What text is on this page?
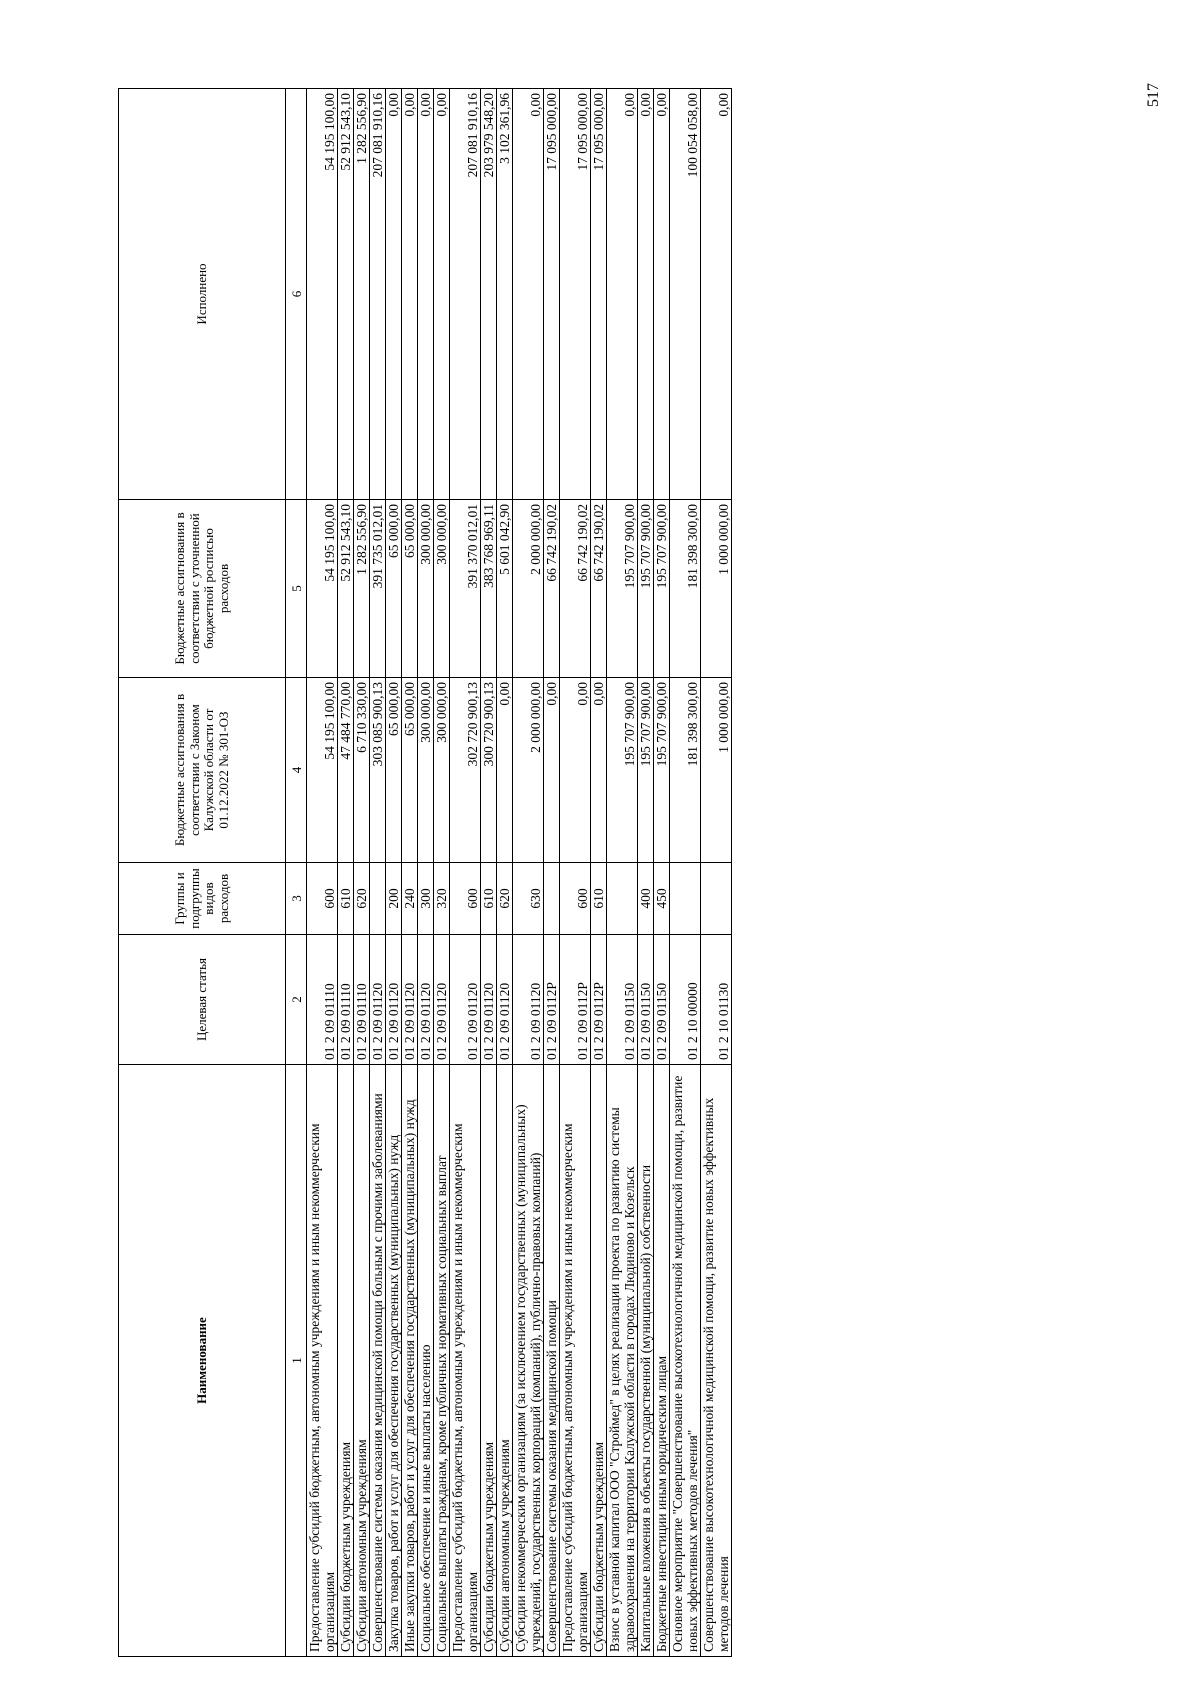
Наименование	Целевая статья	Группы и подгруппы видов расходов	Бюджетные ассигнования в соответствии с Законом Калужской области от 01.12.2022 № 301-ОЗ	Бюджетные ассигнования в соответствии с уточненной бюджетной росписью расходов	Исполнено
1	2	3	4	5	6
Предоставление субсидий бюджетным, автономным учреждениям и иным некоммерческим организациям	01 2 09 01110	600	54 195 100,00	54 195 100,00	54 195 100,00
Субсидии бюджетным учреждениям	01 2 09 01110	610	47 484 770,00	52 912 543,10	52 912 543,10
Субсидии автономным учреждениям	01 2 09 01110	620	6 710 330,00	1 282 556,90	1 282 556,90
Совершенствование системы оказания медицинской помощи больным с прочими заболеваниями	01 2 09 01120		303 085 900,13	391 735 012,01	207 081 910,16
Закупка товаров, работ и услуг для обеспечения государственных (муниципальных) нужд	01 2 09 01120	200	65 000,00	65 000,00	0,00
Иные закупки товаров, работ и услуг для обеспечения государственных (муниципальных) нужд	01 2 09 01120	240	65 000,00	65 000,00	0,00
Социальное обеспечение и иные выплаты населению	01 2 09 01120	300	300 000,00	300 000,00	0,00
Социальные выплаты гражданам, кроме публичных нормативных социальных выплат	01 2 09 01120	320	300 000,00	300 000,00	0,00
Предоставление субсидий бюджетным, автономным учреждениям и иным некоммерческим организациям	01 2 09 01120	600	302 720 900,13	391 370 012,01	207 081 910,16
Субсидии бюджетным учреждениям	01 2 09 01120	610	300 720 900,13	383 768 969,11	203 979 548,20
Субсидии автономным учреждениям	01 2 09 01120	620	0,00	5 601 042,90	3 102 361,96
Субсидии некоммерческим организациям (за исключением государственных (муниципальных) учреждений, государственных корпораций (компаний), публично-правовых компаний)	01 2 09 01120	630	2 000 000,00	2 000 000,00	0,00
Совершенствование системы оказания медицинской помощи	01 2 09 0112Р		0,00	66 742 190,02	17 095 000,00
Предоставление субсидий бюджетным, автономным учреждениям и иным некоммерческим организациям	01 2 09 0112Р	600	0,00	66 742 190,02	17 095 000,00
Субсидии бюджетным учреждениям	01 2 09 0112Р	610	0,00	66 742 190,02	17 095 000,00
Взнос в уставной капитал ООО "Строймед" в целях реализации проекта по развитию системы здравоохранения на территории Калужской области в городах Людиново и Козельск	01 2 09 01150		195 707 900,00	195 707 900,00	0,00
Капитальные вложения в объекты государственной (муниципальной) собственности	01 2 09 01150	400	195 707 900,00	195 707 900,00	0,00
Бюджетные инвестиции иным юридическим лицам	01 2 09 01150	450	195 707 900,00	195 707 900,00	0,00
Основное мероприятие "Совершенствование высокотехнологичной медицинской помощи, развитие новых эффективных методов лечения"	01 2 10 00000		181 398 300,00	181 398 300,00	100 054 058,00
Совершенствование высокотехнологичной медицинской помощи, развитие новых эффективных методов лечения	01 2 10 01130		1 000 000,00	1 000 000,00	0,00	517
